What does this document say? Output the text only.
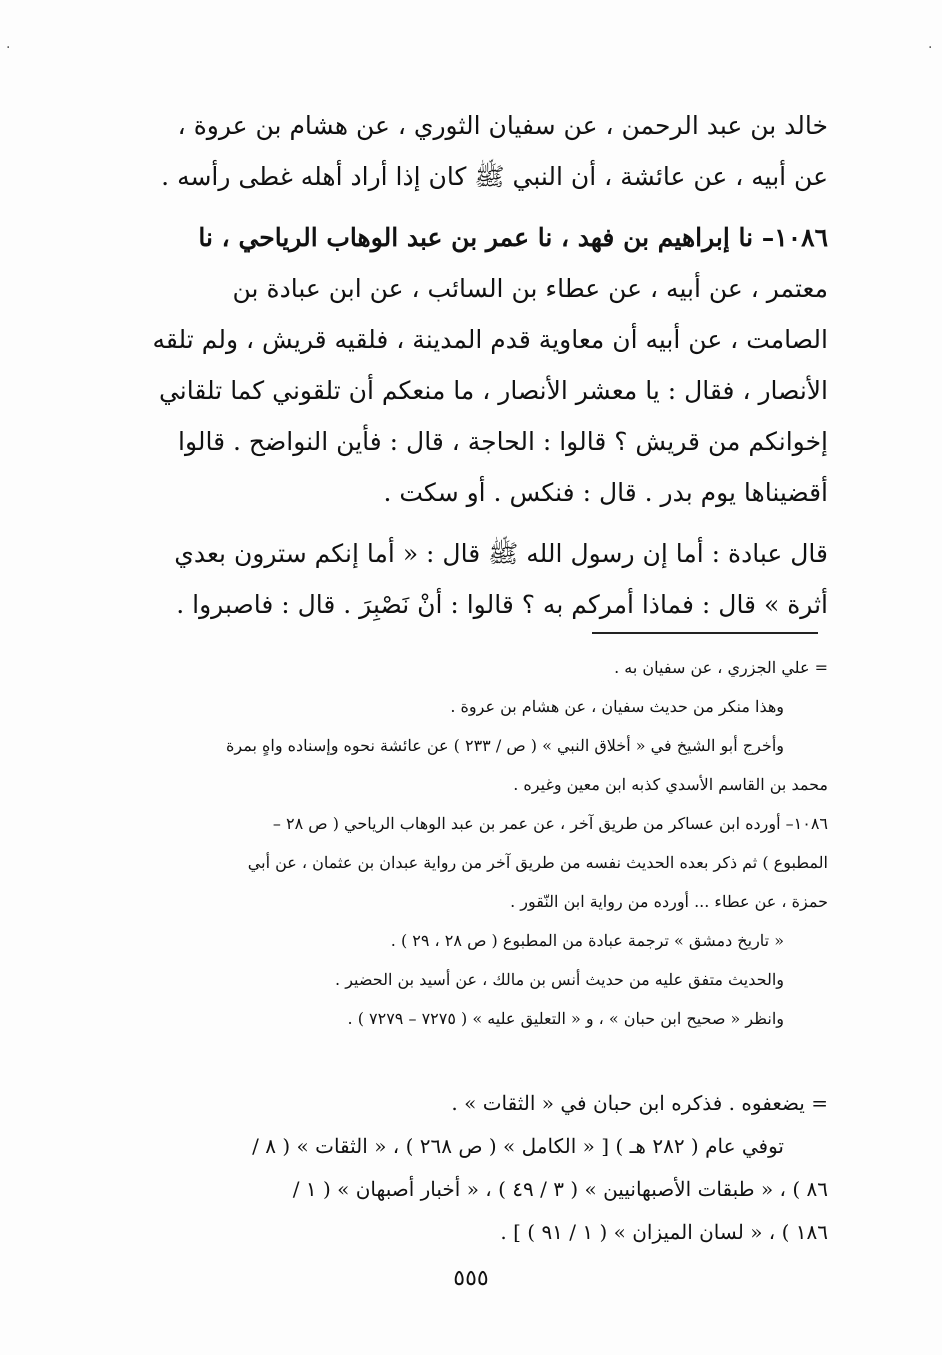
·	·
خالد بن عبد الرحمن ، عن سفيان الثوري ، عن هشام بن عروة ،
عن أبيه ، عن عائشة ، أن النبي ﷺ كان إذا أراد أهله غطى رأسه .
١٠٨٦– نا إبراهيم بن فهد ، نا عمر بن عبد الوهاب الرياحي ، نا
معتمر ، عن أبيه ، عن عطاء بن السائب ، عن ابن عبادة بن
الصامت ، عن أبيه أن معاوية قدم المدينة ، فلقيه قريش ، ولم تلقه
الأنصار ، فقال : يا معشر الأنصار ، ما منعكم أن تلقوني كما تلقاني
إخوانكم من قريش ؟ قالوا : الحاجة ، قال : فأين النواضح . قالوا
أقضيناها يوم بدر . قال : فنكس . أو سكت .
قال عبادة : أما إن رسول الله ﷺ قال : « أما إنكم سترون بعدي
أثرة » قال : فماذا أمركم به ؟ قالوا : أنْ نَصْبِرَ . قال : فاصبروا .
= علي الجزري ، عن سفيان به .
وهذا منكر من حديث سفيان ، عن هشام بن عروة .
وأخرج أبو الشيخ في « أخلاق النبي » ( ص / ٢٣٣ ) عن عائشة نحوه وإسناده واهٍ بمرة
محمد بن القاسم الأسدي كذبه ابن معين وغيره .
١٠٨٦– أورده ابن عساكر من طريق آخر ، عن عمر بن عبد الوهاب الرياحي ( ص ٢٨ –
المطبوع ) ثم ذكر بعده الحديث نفسه من طريق آخر من رواية عبدان بن عثمان ، عن أبي
حمزة ، عن عطاء ... أورده من رواية ابن النّقور .
« تاريخ دمشق » ترجمة عبادة من المطبوع ( ص ٢٨ ، ٢٩ ) .
والحديث متفق عليه من حديث أنس بن مالك ، عن أسيد بن الحضير .
وانظر « صحيح ابن حبان » ، و « التعليق عليه » ( ٧٢٧٥ – ٧٢٧٩ ) .
= يضعفوه . فذكره ابن حبان في « الثقات » .
توفي عام ( ٢٨٢ هـ ) [ « الكامل » ( ص ٢٦٨ ) ، « الثقات » ( ٨ /
٨٦ ) ، « طبقات الأصبهانيين » ( ٣ / ٤٩ ) ، « أخبار أصبهان » ( ١ /
١٨٦ ) ، « لسان الميزان » ( ١ / ٩١ ) ] .
٥٥٥
